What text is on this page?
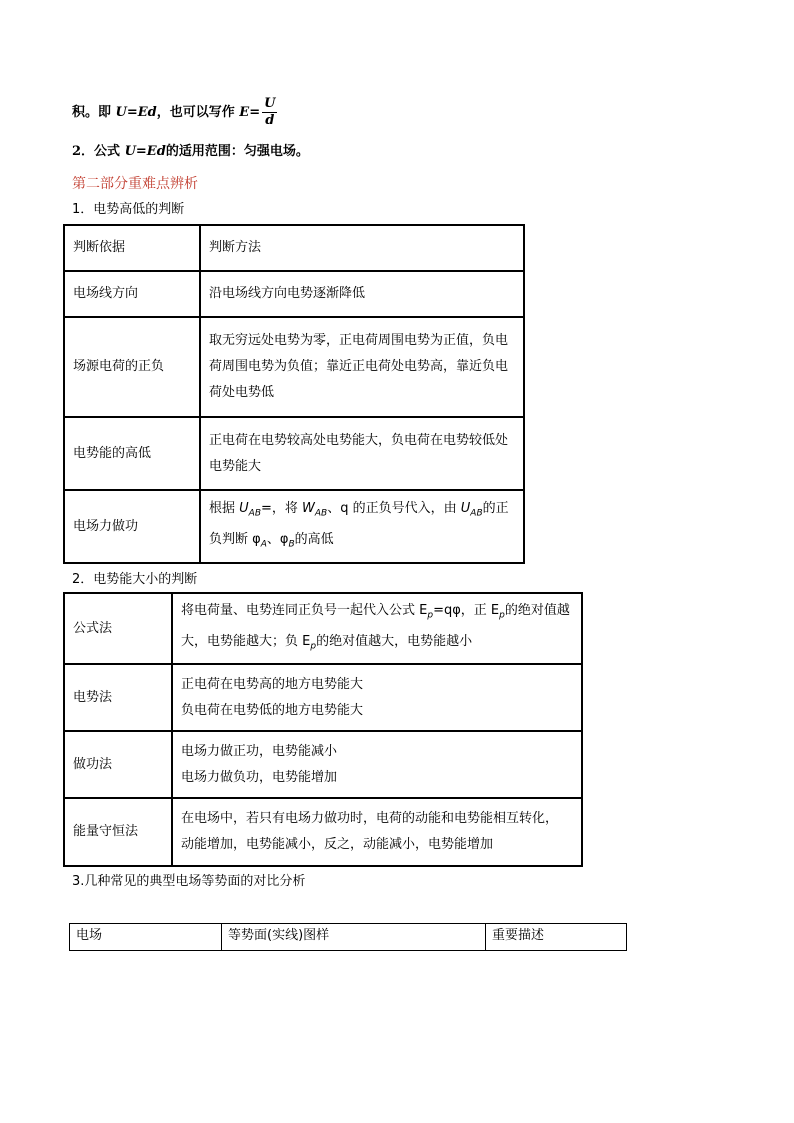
积。即 U=Ed，也可以写作 $E= \frac{U}{d}$
2．公式 U=Ed的适用范围：匀强电场。
第二部分重难点辨析
1．电势高低的判断
判断依据	判断方法
电场线方向	沿电场线方向电势逐渐降低
场源电荷的正负	取无穷远处电势为零，正电荷周围电势为正值，负电荷周围电势为负值；靠近正电荷处电势高，靠近负电荷处电势低
电势能的高低	正电荷在电势较高处电势能大，负电荷在电势较低处电势能大
电场力做功	根据 $U_{AB}=$，将 $W_{AB}$、q 的正负号代入，由 $U_{AB}$的正负判断 $\varphi_A$、$\varphi_B$的高低
2．电势能大小的判断
公式法	将电荷量、电势连同正负号一起代入公式 $E_p=q\varphi$，正 $E_p$的绝对值越大，电势能越大；负 $E_p$的绝对值越大，电势能越小
电势法	正电荷在电势高的地方电势能大
负电荷在电势低的地方电势能大

做功法	电场力做正功，电势能减小
电场力做负功，电势能增加

能量守恒法	在电场中，若只有电场力做功时，电荷的动能和电势能相互转化，
动能增加，电势能减小，反之，动能减小，电势能增加
3.几种常见的典型电场等势面的对比分析
电场	等势面(实线)图样	重要描述
